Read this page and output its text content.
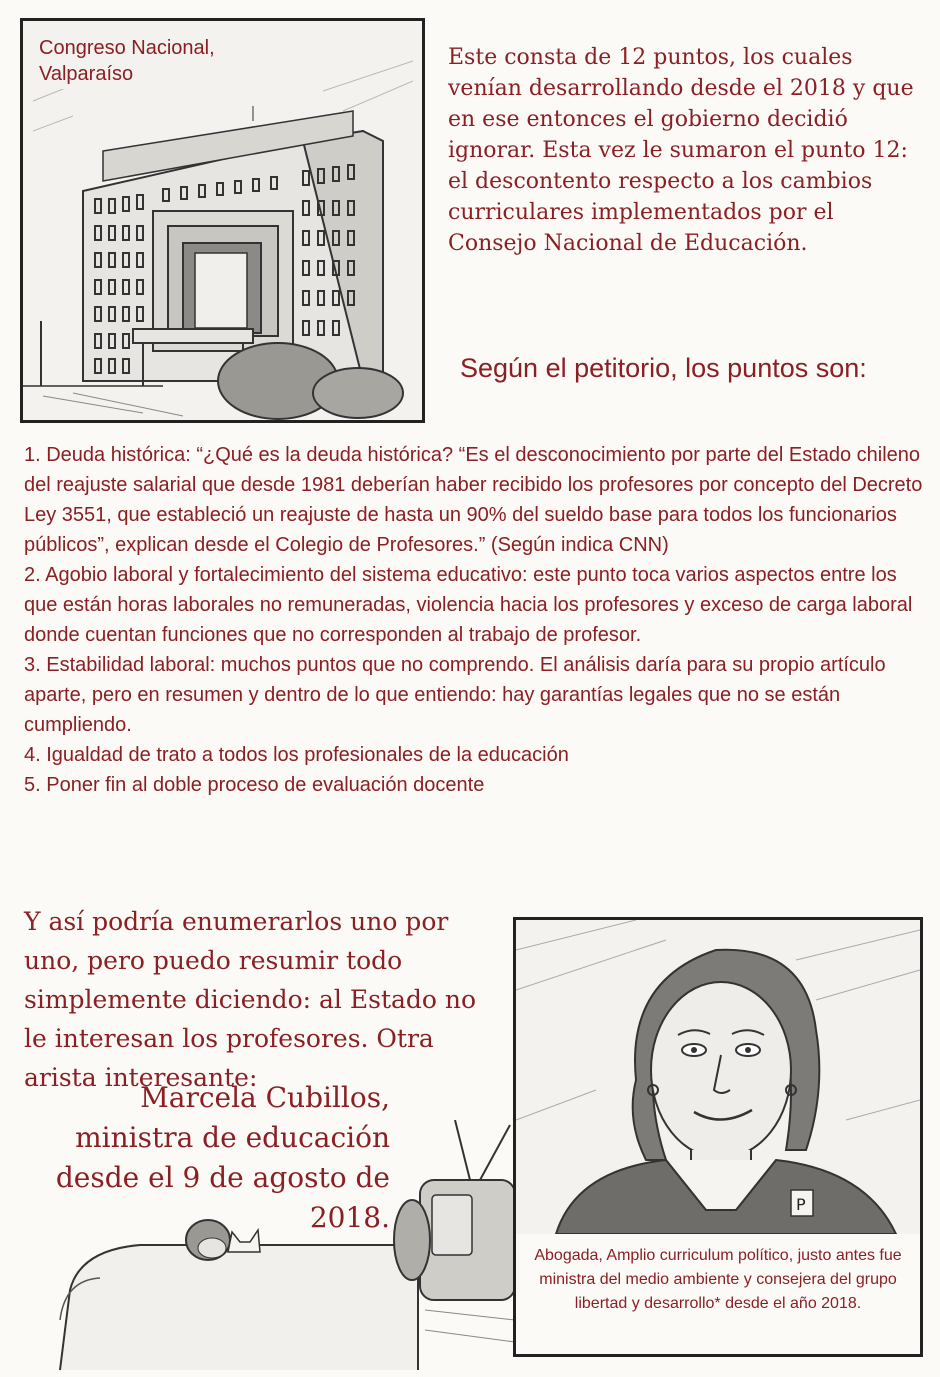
Congreso Nacional,
Valparaíso
Este consta de 12 puntos, los cuales venían desarrollando desde el 2018 y que en ese entonces el gobierno decidió ignorar. Esta vez le sumaron el punto 12: el descontento respecto a los cambios curriculares implementados por el Consejo Nacional de Educación.
Según el petitorio, los puntos son:
1. Deuda histórica: “¿Qué es la deuda histórica? “Es el desconocimiento por parte del Estado chileno del reajuste salarial que desde 1981 deberían haber recibido los profesores por concepto del Decreto Ley 3551, que estableció un reajuste de hasta un 90% del sueldo base para todos los funcionarios públicos”, explican desde el Colegio de Profesores.” (Según indica CNN)
2. Agobio laboral y fortalecimiento del sistema educativo: este punto toca varios aspectos entre los que están horas laborales no remuneradas, violencia hacia los profesores y exceso de carga laboral donde cuentan funciones que no corresponden al trabajo de profesor.
3. Estabilidad laboral: muchos puntos que no comprendo. El análisis daría para su propio artículo aparte, pero en resumen y dentro de lo que entiendo: hay garantías legales que no se están cumpliendo.
4. Igualdad de trato a todos los profesionales de la educación
5. Poner fin al doble proceso de evaluación docente
Y así podría enumerarlos uno por uno, pero puedo resumir todo simplemente diciendo: al Estado no le interesan los profesores. Otra arista interesante:
Marcela Cubillos, ministra de educación desde el 9 de agosto de 2018.	P
Abogada, Amplio curriculum político, justo antes fue ministra del medio ambiente y consejera del grupo libertad y desarrollo* desde el año 2018.
